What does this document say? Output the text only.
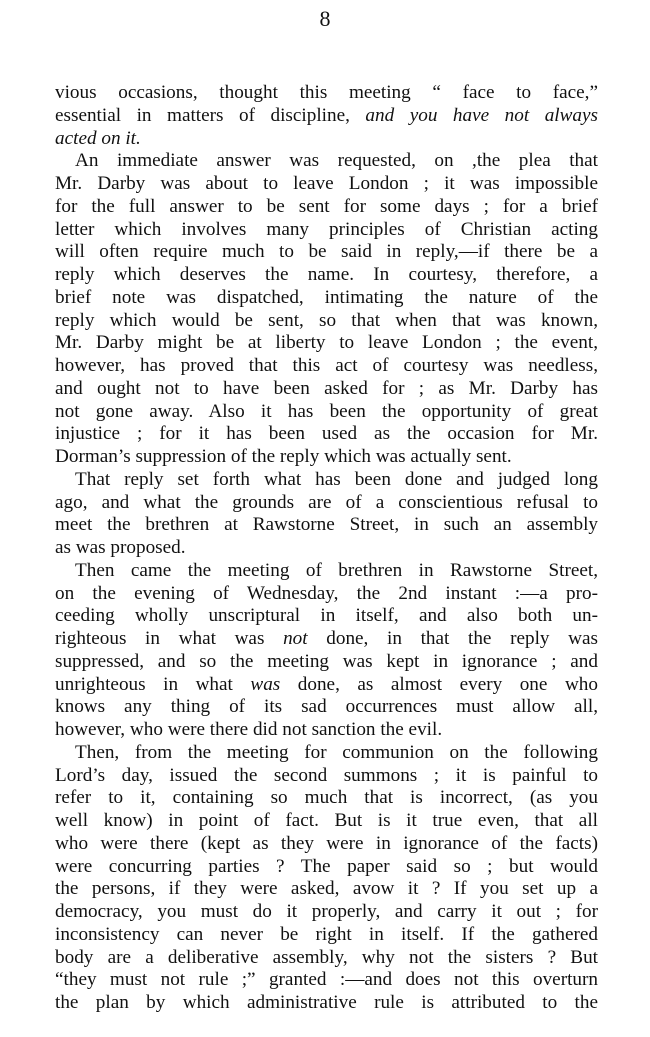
8
vious occasions, thought this meeting “ face to face,”
essential in matters of discipline, and you have not always
acted on it.
An immediate answer was requested, on ,the plea that
Mr. Darby was about to leave London ; it was impossible
for the full answer to be sent for some days ; for a brief
letter which involves many principles of Christian acting
will often require much to be said in reply,—if there be a
reply which deserves the name. In courtesy, therefore, a
brief note was dispatched, intimating the nature of the
reply which would be sent, so that when that was known,
Mr. Darby might be at liberty to leave London ; the event,
however, has proved that this act of courtesy was needless,
and ought not to have been asked for ; as Mr. Darby has
not gone away. Also it has been the opportunity of great
injustice ; for it has been used as the occasion for Mr.
Dorman’s suppression of the reply which was actually sent.
That reply set forth what has been done and judged long
ago, and what the grounds are of a conscientious refusal to
meet the brethren at Rawstorne Street, in such an assembly
as was proposed.
Then came the meeting of brethren in Rawstorne Street,
on the evening of Wednesday, the 2nd instant :—a pro-
ceeding wholly unscriptural in itself, and also both un-
righteous in what was not done, in that the reply was
suppressed, and so the meeting was kept in ignorance ; and
unrighteous in what was done, as almost every one who
knows any thing of its sad occurrences must allow all,
however, who were there did not sanction the evil.
Then, from the meeting for communion on the following
Lord’s day, issued the second summons ; it is painful to
refer to it, containing so much that is incorrect, (as you
well know) in point of fact. But is it true even, that all
who were there (kept as they were in ignorance of the facts)
were concurring parties ? The paper said so ; but would
the persons, if they were asked, avow it ? If you set up a
democracy, you must do it properly, and carry it out ; for
inconsistency can never be right in itself. If the gathered
body are a deliberative assembly, why not the sisters ? But
“they must not rule ;” granted :—and does not this overturn
the plan by which administrative rule is attributed to the
